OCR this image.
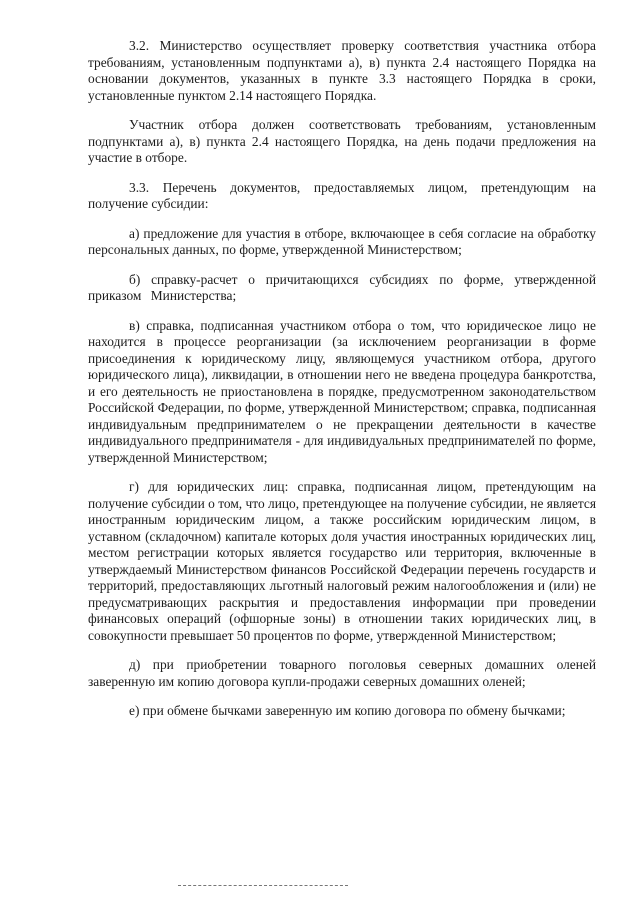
3.2. Министерство осуществляет проверку соответствия участника отбора требованиям, установленным подпунктами а), в) пункта 2.4 настоящего Порядка на основании документов, указанных в пункте 3.3 настоящего Порядка в сроки, установленные пунктом 2.14 настоящего Порядка.

Участник отбора должен соответствовать требованиям, установленным подпунктами а), в) пункта 2.4 настоящего Порядка, на день подачи предложения на участие в отборе.

3.3. Перечень документов, предоставляемых лицом, претендующим на получение субсидии:

а) предложение для участия в отборе, включающее в себя согласие на обработку персональных данных, по форме, утвержденной Министерством;

б) справку-расчет о причитающихся субсидиях по форме, утвержденной приказом Министерства;

в) справка, подписанная участником отбора о том, что юридическое лицо не находится в процессе реорганизации (за исключением реорганизации в форме присоединения к юридическому лицу, являющемуся участником отбора, другого юридического лица), ликвидации, в отношении него не введена процедура банкротства, и его деятельность не приостановлена в порядке, предусмотренном законодательством Российской Федерации, по форме, утвержденной Министерством; справка, подписанная индивидуальным предпринимателем о не прекращении деятельности в качестве индивидуального предпринимателя - для индивидуальных предпринимателей по форме, утвержденной Министерством;

г) для юридических лиц: справка, подписанная лицом, претендующим на получение субсидии о том, что лицо, претендующее на получение субсидии, не является иностранным юридическим лицом, а также российским юридическим лицом, в уставном (складочном) капитале которых доля участия иностранных юридических лиц, местом регистрации которых является государство или территория, включенные в утверждаемый Министерством финансов Российской Федерации перечень государств и территорий, предоставляющих льготный налоговый режим налогообложения и (или) не предусматривающих раскрытия и предоставления информации при проведении финансовых операций (офшорные зоны) в отношении таких юридических лиц, в совокупности превышает 50 процентов по форме, утвержденной Министерством;

д) при приобретении товарного поголовья северных домашних оленей заверенную им копию договора купли-продажи северных домашних оленей;

е) при обмене бычками заверенную им копию договора по обмену бычками;
